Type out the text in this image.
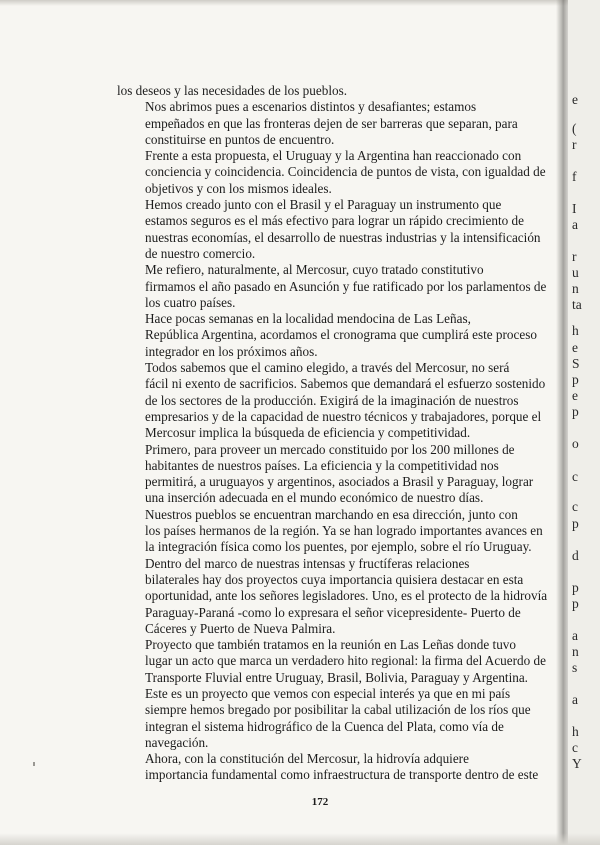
los deseos y las necesidades de los pueblos.

Nos abrimos pues a escenarios distintos y desafiantes; estamos
empeñados en que las fronteras dejen de ser barreras que separan, para
constituirse en puntos de encuentro.

Frente a esta propuesta, el Uruguay y la Argentina han reaccionado con
conciencia y coincidencia. Coincidencia de puntos de vista, con igualdad de
objetivos y con los mismos ideales.

Hemos creado junto con el Brasil y el Paraguay un instrumento que
estamos seguros es el más efectivo para lograr un rápido crecimiento de
nuestras economías, el desarrollo de nuestras industrias y la intensificación
de nuestro comercio.

Me refiero, naturalmente, al Mercosur, cuyo tratado constitutivo
firmamos el año pasado en Asunción y fue ratificado por los parlamentos de
los cuatro países.

Hace pocas semanas en la localidad mendocina de Las Leñas,
República Argentina, acordamos el cronograma que cumplirá este proceso
integrador en los próximos años.

Todos sabemos que el camino elegido, a través del Mercosur, no será
fácil ni exento de sacrificios. Sabemos que demandará el esfuerzo sostenido
de los sectores de la producción. Exigirá de la imaginación de nuestros
empresarios y de la capacidad de nuestro técnicos y trabajadores, porque el
Mercosur implica la búsqueda de eficiencia y competitividad.

Primero, para proveer un mercado constituido por los 200 millones de
habitantes de nuestros países. La eficiencia y la competitividad nos
permitirá, a uruguayos y argentinos, asociados a Brasil y Paraguay, lograr
una inserción adecuada en el mundo económico de nuestro días.

Nuestros pueblos se encuentran marchando en esa dirección, junto con
los países hermanos de la región. Ya se han logrado importantes avances en
la integración física como los puentes, por ejemplo, sobre el río Uruguay.

Dentro del marco de nuestras intensas y fructíferas relaciones
bilaterales hay dos proyectos cuya importancia quisiera destacar en esta
oportunidad, ante los señores legisladores. Uno, es el protecto de la hidrovía
Paraguay-Paraná -como lo expresara el señor vicepresidente- Puerto de
Cáceres y Puerto de Nueva Palmira.

Proyecto que también tratamos en la reunión en Las Leñas donde tuvo
lugar un acto que marca un verdadero hito regional: la firma del Acuerdo de
Transporte Fluvial entre Uruguay, Brasil, Bolivia, Paraguay y Argentina.

Este es un proyecto que vemos con especial interés ya que en mi país
siempre hemos bregado por posibilitar la cabal utilización de los ríos que
integran el sistema hidrográfico de la Cuenca del Plata, como vía de
navegación.

Ahora, con la constitución del Mercosur, la hidrovía adquiere
importancia fundamental como infraestructura de transporte dentro de este

172

e

(

r

f

I

a

r

u

n

ta

h

e

S

p

e

p

o

c

c

p

d

p

p

a

n

s

a

h

c

Y
